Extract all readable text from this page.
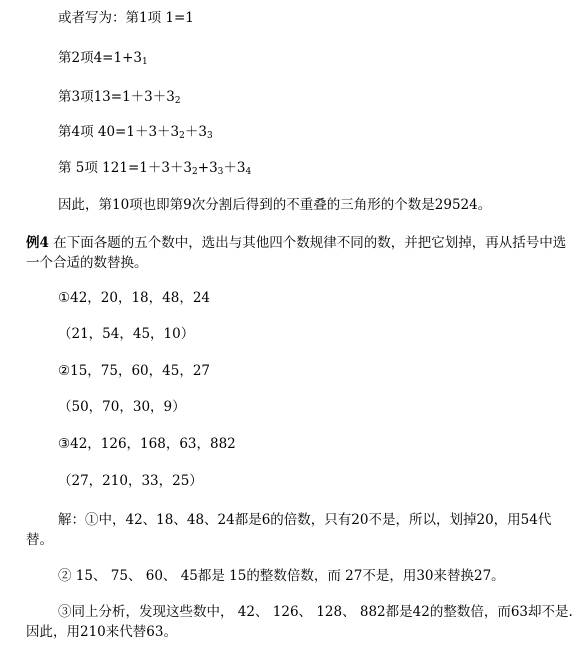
或者写为：第1项 1=1
第2项$4=1+3_1$
第3项$13=1+3+3_2$
第4项 $40=1+3+3_2+3_3$
第 5项 $121=1+3+3_2+3_3+3_4$
因此，第10项也即第9次分割后得到的不重叠的三角形的个数是29524。
例4 在下面各题的五个数中，选出与其他四个数规律不同的数，并把它划掉，再从括号中选一个合适的数替换。
①42，20，18，48，24
（21，54，45，10）
②15，75，60，45，27
（50，70，30，9）
③42，126，168，63，882
（27，210，33，25）
解：①中，42、18、48、24都是6的倍数，只有20不是，所以，划掉20，用54代替。
② 15、 75、 60、 45都是 15的整数倍数，而 27不是，用30来替换27。
③同上分析，发现这些数中， 42、 126、 128、 882都是42的整数倍，而63却不是.因此，用210来代替63。
